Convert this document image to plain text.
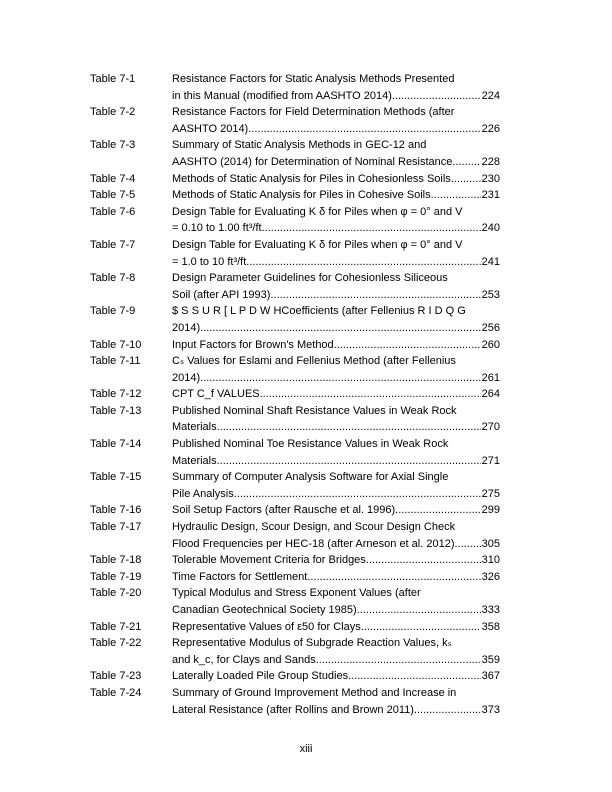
Table 7-1	Resistance Factors for Static Analysis Methods Presented
in this Manual (modified from AASHTO 2014) .....	224
Table 7-2	Resistance Factors for Field Determination Methods (after
AASHTO 2014) .....	226
Table 7-3	Summary of Static Analysis Methods in GEC-12 and
AASHTO (2014) for Determination of Nominal Resistance .....	228
Table 7-4	Methods of Static Analysis for Piles in Cohesionless Soils .....	230
Table 7-5	Methods of Static Analysis for Piles in Cohesive Soils .....	231
Table 7-6	Design Table for Evaluating K δ for Piles when φ = 0° and V
= 0.10 to 1.00 ft³/ft .....	240
Table 7-7	Design Table for Evaluating K δ for Piles when φ = 0° and V
= 1.0 to 10 ft³/ft .....	241
Table 7-8	Design Parameter Guidelines for Cohesionless Siliceous
Soil (after API 1993) .....	253
Table 7-9	$ S S U R [ L P D W HCoefficients (after Fellenius R I D Q G
2014) .....	256
Table 7-10	Input Factors for Brown's Method .....	260
Table 7-11	Cₛ Values for Eslami and Fellenius Method (after Fellenius
2014) .....	261
Table 7-12	CPT C_f VALUES .....	264
Table 7-13	Published Nominal Shaft Resistance Values in Weak Rock
Materials .....	270
Table 7-14	Published Nominal Toe Resistance Values in Weak Rock
Materials .....	271
Table 7-15	Summary of Computer Analysis Software for Axial Single
Pile Analysis .....	275
Table 7-16	Soil Setup Factors (after Rausche et al. 1996) .....	299
Table 7-17	Hydraulic Design, Scour Design, and Scour Design Check
Flood Frequencies per HEC-18 (after Arneson et al. 2012) ..... 305
Table 7-18	Tolerable Movement Criteria for Bridges .....	310
Table 7-19	Time Factors for Settlement .....	326
Table 7-20	Typical Modulus and Stress Exponent Values (after
Canadian Geotechnical Society 1985) .....	333
Table 7-21	Representative Values of ε50 for Clays .....	358
Table 7-22	Representative Modulus of Subgrade Reaction Values, kₛ
and k_c, for Clays and Sands .....	359
Table 7-23	Laterally Loaded Pile Group Studies .....	367
Table 7-24	Summary of Ground Improvement Method and Increase in
Lateral Resistance (after Rollins and Brown 2011) .....	373
xiii
